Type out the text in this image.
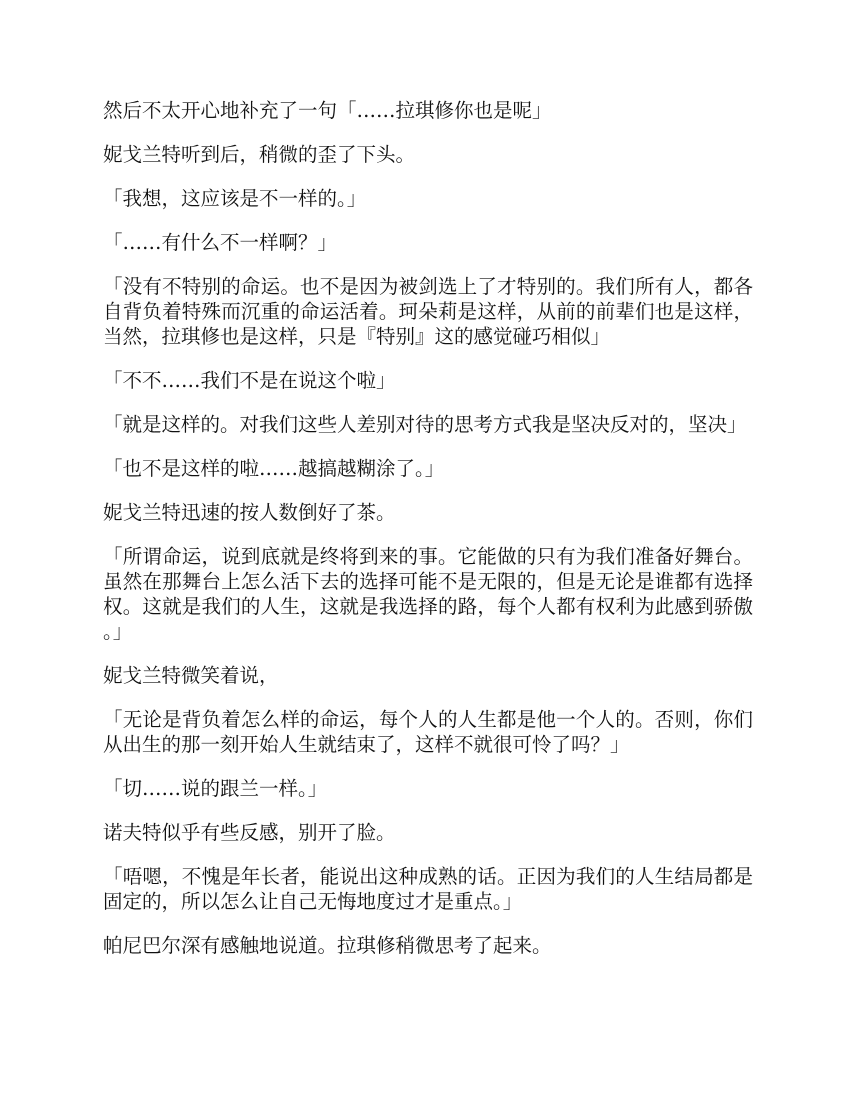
然后不太开心地补充了一句「……拉琪修你也是呢」

妮戈兰特听到后，稍微的歪了下头。

「我想，这应该是不一样的。」

「……有什么不一样啊？」

「没有不特别的命运。也不是因为被剑选上了才特别的。我们所有人，都各自背负着特殊而沉重的命运活着。珂朵莉是这样，从前的前辈们也是这样，当然，拉琪修也是这样，只是『特别』这的感觉碰巧相似」

「不不……我们不是在说这个啦」

「就是这样的。对我们这些人差别对待的思考方式我是坚决反对的，坚决」

「也不是这样的啦……越搞越糊涂了。」

妮戈兰特迅速的按人数倒好了茶。

「所谓命运，说到底就是终将到来的事。它能做的只有为我们准备好舞台。虽然在那舞台上怎么活下去的选择可能不是无限的，但是无论是谁都有选择权。这就是我们的人生，这就是我选择的路，每个人都有权利为此感到骄傲。」

妮戈兰特微笑着说，

「无论是背负着怎么样的命运，每个人的人生都是他一个人的。否则，你们从出生的那一刻开始人生就结束了，这样不就很可怜了吗？」

「切……说的跟兰一样。」

诺夫特似乎有些反感，别开了脸。

「唔嗯，不愧是年长者，能说出这种成熟的话。正因为我们的人生结局都是固定的，所以怎么让自己无悔地度过才是重点。」

帕尼巴尔深有感触地说道。拉琪修稍微思考了起来。
